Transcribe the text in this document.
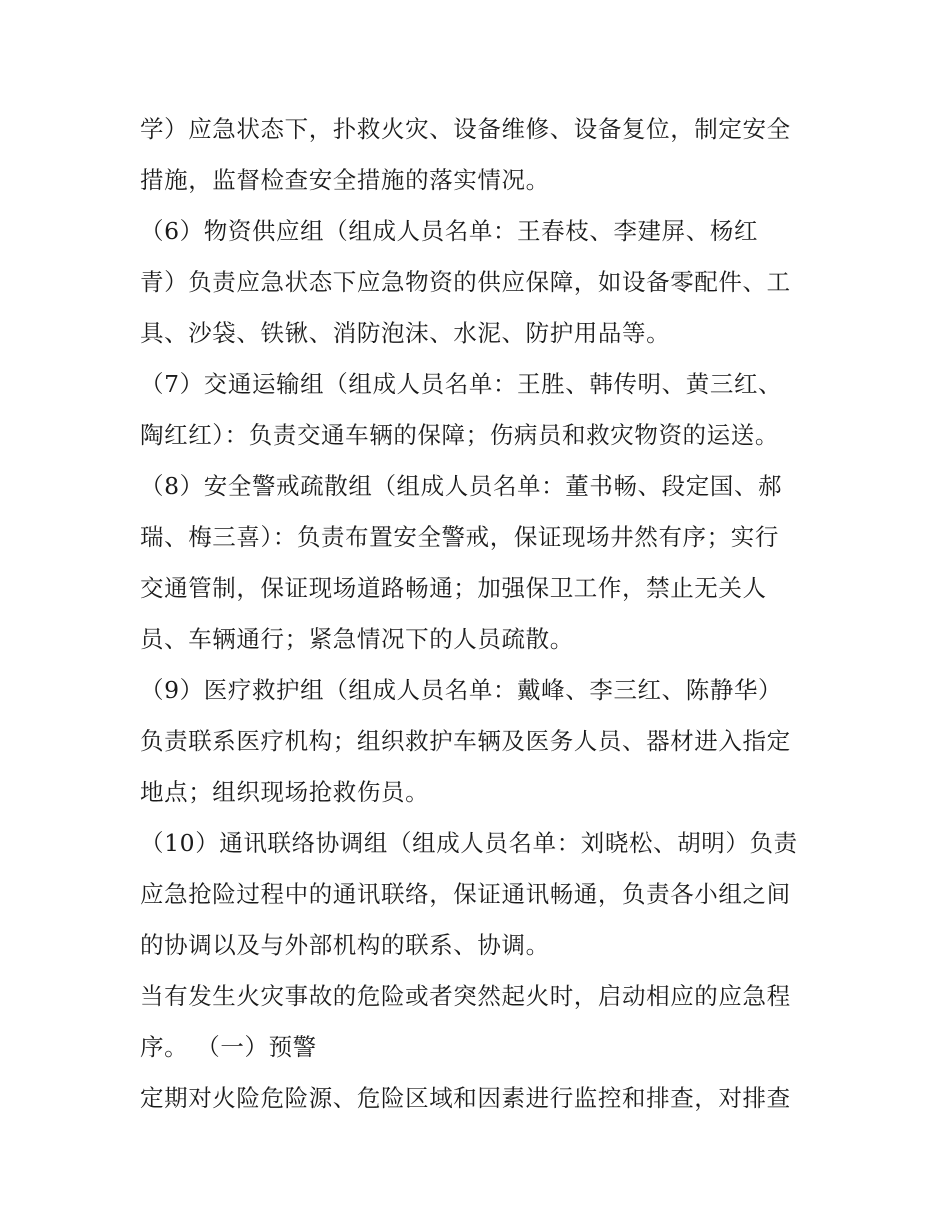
学）应急状态下，扑救火灾、设备维修、设备复位，制定安全
措施，监督检查安全措施的落实情况。
（6）物资供应组（组成人员名单：王春枝、李建屏、杨红
青）负责应急状态下应急物资的供应保障，如设备零配件、工
具、沙袋、铁锹、消防泡沫、水泥、防护用品等。
（7）交通运输组（组成人员名单：王胜、韩传明、黄三红、
陶红红）：负责交通车辆的保障；伤病员和救灾物资的运送。
（8）安全警戒疏散组（组成人员名单：董书畅、段定国、郝
瑞、梅三喜）：负责布置安全警戒，保证现场井然有序；实行
交通管制，保证现场道路畅通；加强保卫工作，禁止无关人
员、车辆通行；紧急情况下的人员疏散。
（9）医疗救护组（组成人员名单：戴峰、李三红、陈静华）
负责联系医疗机构；组织救护车辆及医务人员、器材进入指定
地点；组织现场抢救伤员。
（10）通讯联络协调组（组成人员名单：刘晓松、胡明）负责
应急抢险过程中的通讯联络，保证通讯畅通，负责各小组之间
的协调以及与外部机构的联系、协调。
当有发生火灾事故的危险或者突然起火时，启动相应的应急程
序。 （一）预警
定期对火险危险源、危险区域和因素进行监控和排查，对排查
